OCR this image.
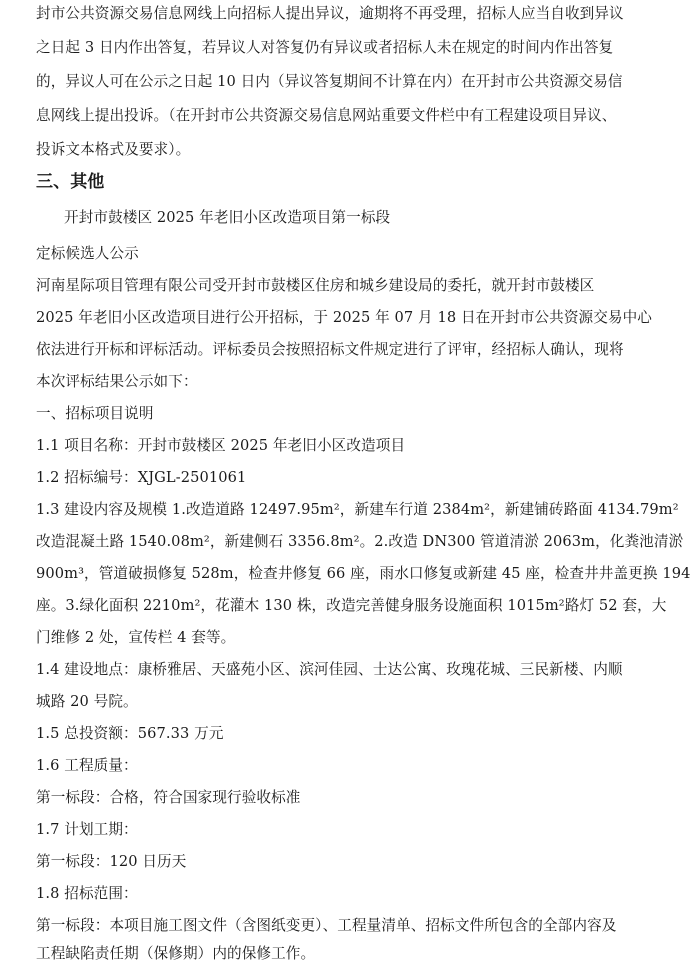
封市公共资源交易信息网线上向招标人提出异议，逾期将不再受理，招标人应当自收到异议
之日起 3 日内作出答复，若异议人对答复仍有异议或者招标人未在规定的时间内作出答复
的，异议人可在公示之日起 10 日内（异议答复期间不计算在内）在开封市公共资源交易信
息网线上提出投诉。（在开封市公共资源交易信息网站重要文件栏中有工程建设项目异议、
投诉文本格式及要求）。
三、其他
开封市鼓楼区 2025 年老旧小区改造项目第一标段
定标候选人公示
河南星际项目管理有限公司受开封市鼓楼区住房和城乡建设局的委托，就开封市鼓楼区
2025 年老旧小区改造项目进行公开招标，于 2025 年 07 月 18 日在开封市公共资源交易中心
依法进行开标和评标活动。评标委员会按照招标文件规定进行了评审，经招标人确认，现将
本次评标结果公示如下：
一、招标项目说明
1.1 项目名称：开封市鼓楼区 2025 年老旧小区改造项目
1.2 招标编号：XJGL-2501061
1.3 建设内容及规模 1.改造道路 12497.95m²，新建车行道 2384m²，新建铺砖路面 4134.79m²
改造混凝土路 1540.08m²，新建侧石 3356.8m²。2.改造 DN300 管道清淤 2063m，化粪池清淤
900m³，管道破损修复 528m，检查井修复 66 座，雨水口修复或新建 45 座，检查井井盖更换 194
座。3.绿化面积 2210m²，花灌木 130 株，改造完善健身服务设施面积 1015m²路灯 52 套，大
门维修 2 处，宣传栏 4 套等。
1.4 建设地点：康桥雅居、天盛苑小区、滨河佳园、士达公寓、玫瑰花城、三民新楼、内顺
城路 20 号院。
1.5 总投资额：567.33 万元
1.6 工程质量：
第一标段：合格，符合国家现行验收标准
1.7 计划工期：
第一标段：120 日历天
1.8 招标范围：
第一标段：本项目施工图文件（含图纸变更）、工程量清单、招标文件所包含的全部内容及
工程缺陷责任期（保修期）内的保修工作。
